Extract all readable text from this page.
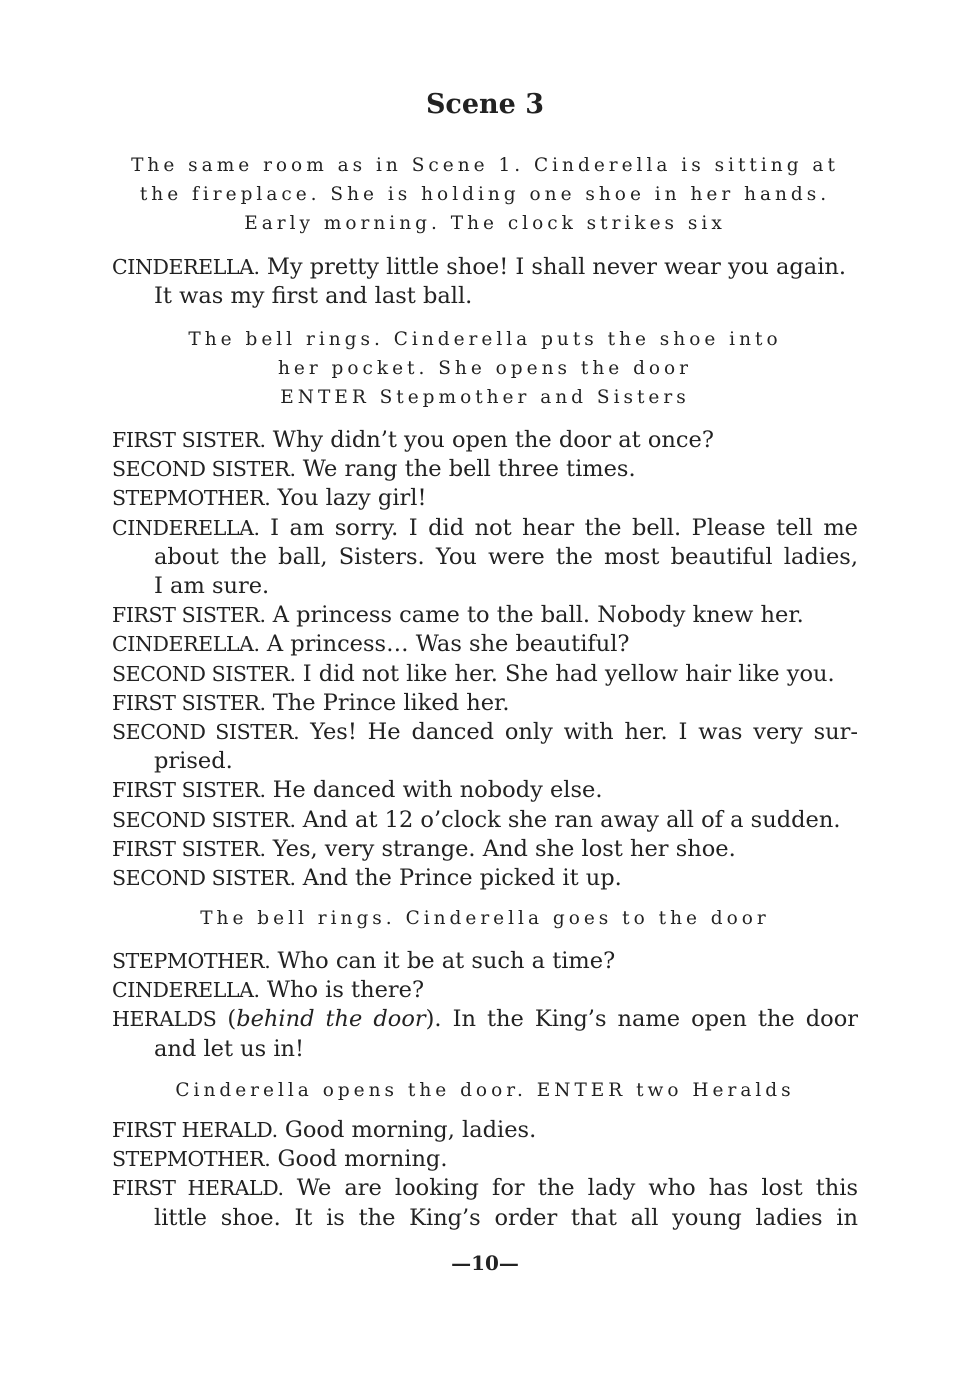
Scene 3

The same room as in Scene 1. Cinderella is sitting at
the fireplace. She is holding one shoe in her hands.
Early morning. The clock strikes six

CINDERELLA. My pretty little shoe! I shall never wear you again.
It was my first and last ball.

The bell rings. Cinderella puts the shoe into
her pocket. She opens the door
ENTER Stepmother and Sisters

FIRST SISTER. Why didn’t you open the door at once?
SECOND SISTER. We rang the bell three times.
STEPMOTHER. You lazy girl!
CINDERELLA. I am sorry. I did not hear the bell. Please tell me
about the ball, Sisters. You were the most beautiful ladies,
I am sure.
FIRST SISTER. A princess came to the ball. Nobody knew her.
CINDERELLA. A princess… Was she beautiful?
SECOND SISTER. I did not like her. She had yellow hair like you.
FIRST SISTER. The Prince liked her.
SECOND SISTER. Yes! He danced only with her. I was very sur-
prised.
FIRST SISTER. He danced with nobody else.
SECOND SISTER. And at 12 o’clock she ran away all of a sudden.
FIRST SISTER. Yes, very strange. And she lost her shoe.
SECOND SISTER. And the Prince picked it up.

The bell rings. Cinderella goes to the door

STEPMOTHER. Who can it be at such a time?
CINDERELLA. Who is there?
HERALDS (behind the door). In the King’s name open the door
and let us in!

Cinderella opens the door. ENTER two Heralds

FIRST HERALD. Good morning, ladies.
STEPMOTHER. Good morning.
FIRST HERALD. We are looking for the lady who has lost this
little shoe. It is the King’s order that all young ladies in

—10—
